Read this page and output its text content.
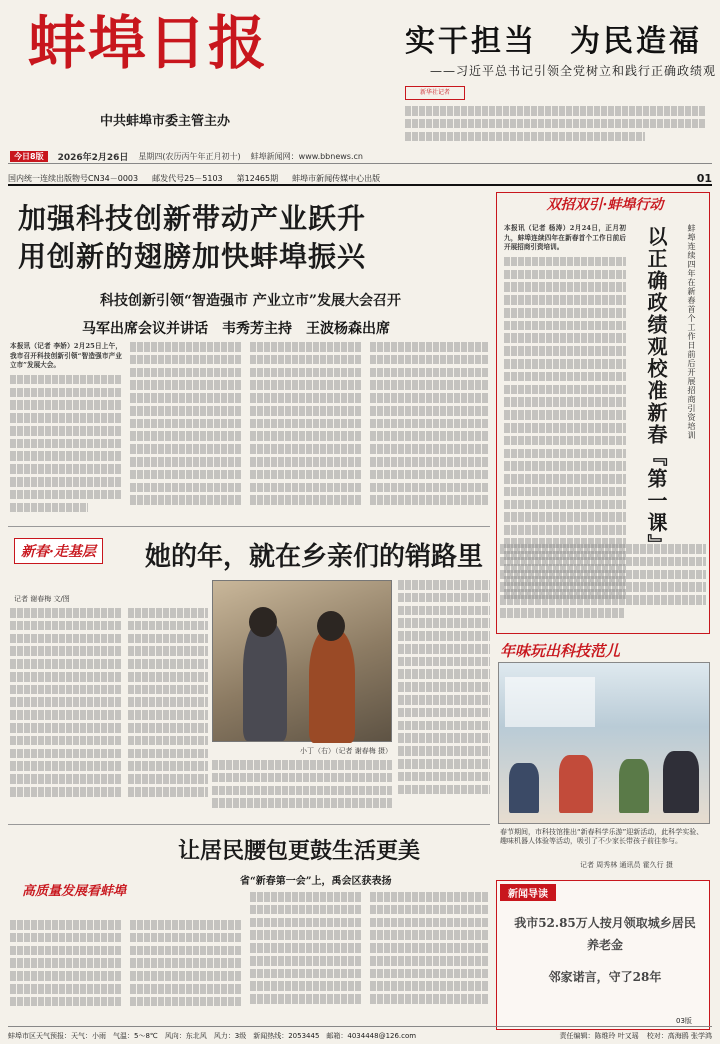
蚌埠日报
中共蚌埠市委主管主办
实干担当　为民造福
——习近平总书记引领全党树立和践行正确政绩观
新华社记者
今日8版	2026年2月26日 星期四(农历丙午年正月初十) 蚌埠新闻网：www.bbnews.cn
国内统一连续出版物号CN34－0003 邮发代号25－5103 第12465期 蚌埠市新闻传媒中心出版	01
加强科技创新带动产业跃升
用创新的翅膀加快蚌埠振兴
科技创新引领“智造强市 产业立市”发展大会召开
马军出席会议并讲话　韦秀芳主持　王波杨森出席
本报讯（记者 李娇）2月25日上午，我市召开科技创新引领“智造强市产业立市”发展大会。
双招双引·蚌埠行动
本报讯（记者 杨涛）2月24日，正月初九，蚌埠连续四年在新春首个工作日前后开展招商引资培训。	蚌埠连续四年在新春首个工作日前后开展招商引资培训
以正确政绩观校准新春『第一课』
新春·走基层 她的年，就在乡亲们的销路里
记者 谢春梅 文/图
小丁（右）（记者 谢春梅 摄）
年味玩出科技范儿
春节期间，市科技馆推出“新春科学乐游”迎新活动，此科学实验、趣味机器人体验等活动，吸引了不少家长带孩子前往参与。
记者 周秀林 通讯员 霍久行 摄
高质量发展看蚌埠
让居民腰包更鼓生活更美
省“新春第一会”上，禹会区获表扬
新闻导读
我市52.85万人按月领取城乡居民养老金
邻家诺言，守了28年
03版
蚌埠市区天气预报：天气：小雨　气温：5～8℃　风向：东北风　风力：3级　新闻热线：2053445　邮箱：4034448@126.com	责任编辑：陈维玲 叶又瑶 校对：高海鸥 张学鸿
